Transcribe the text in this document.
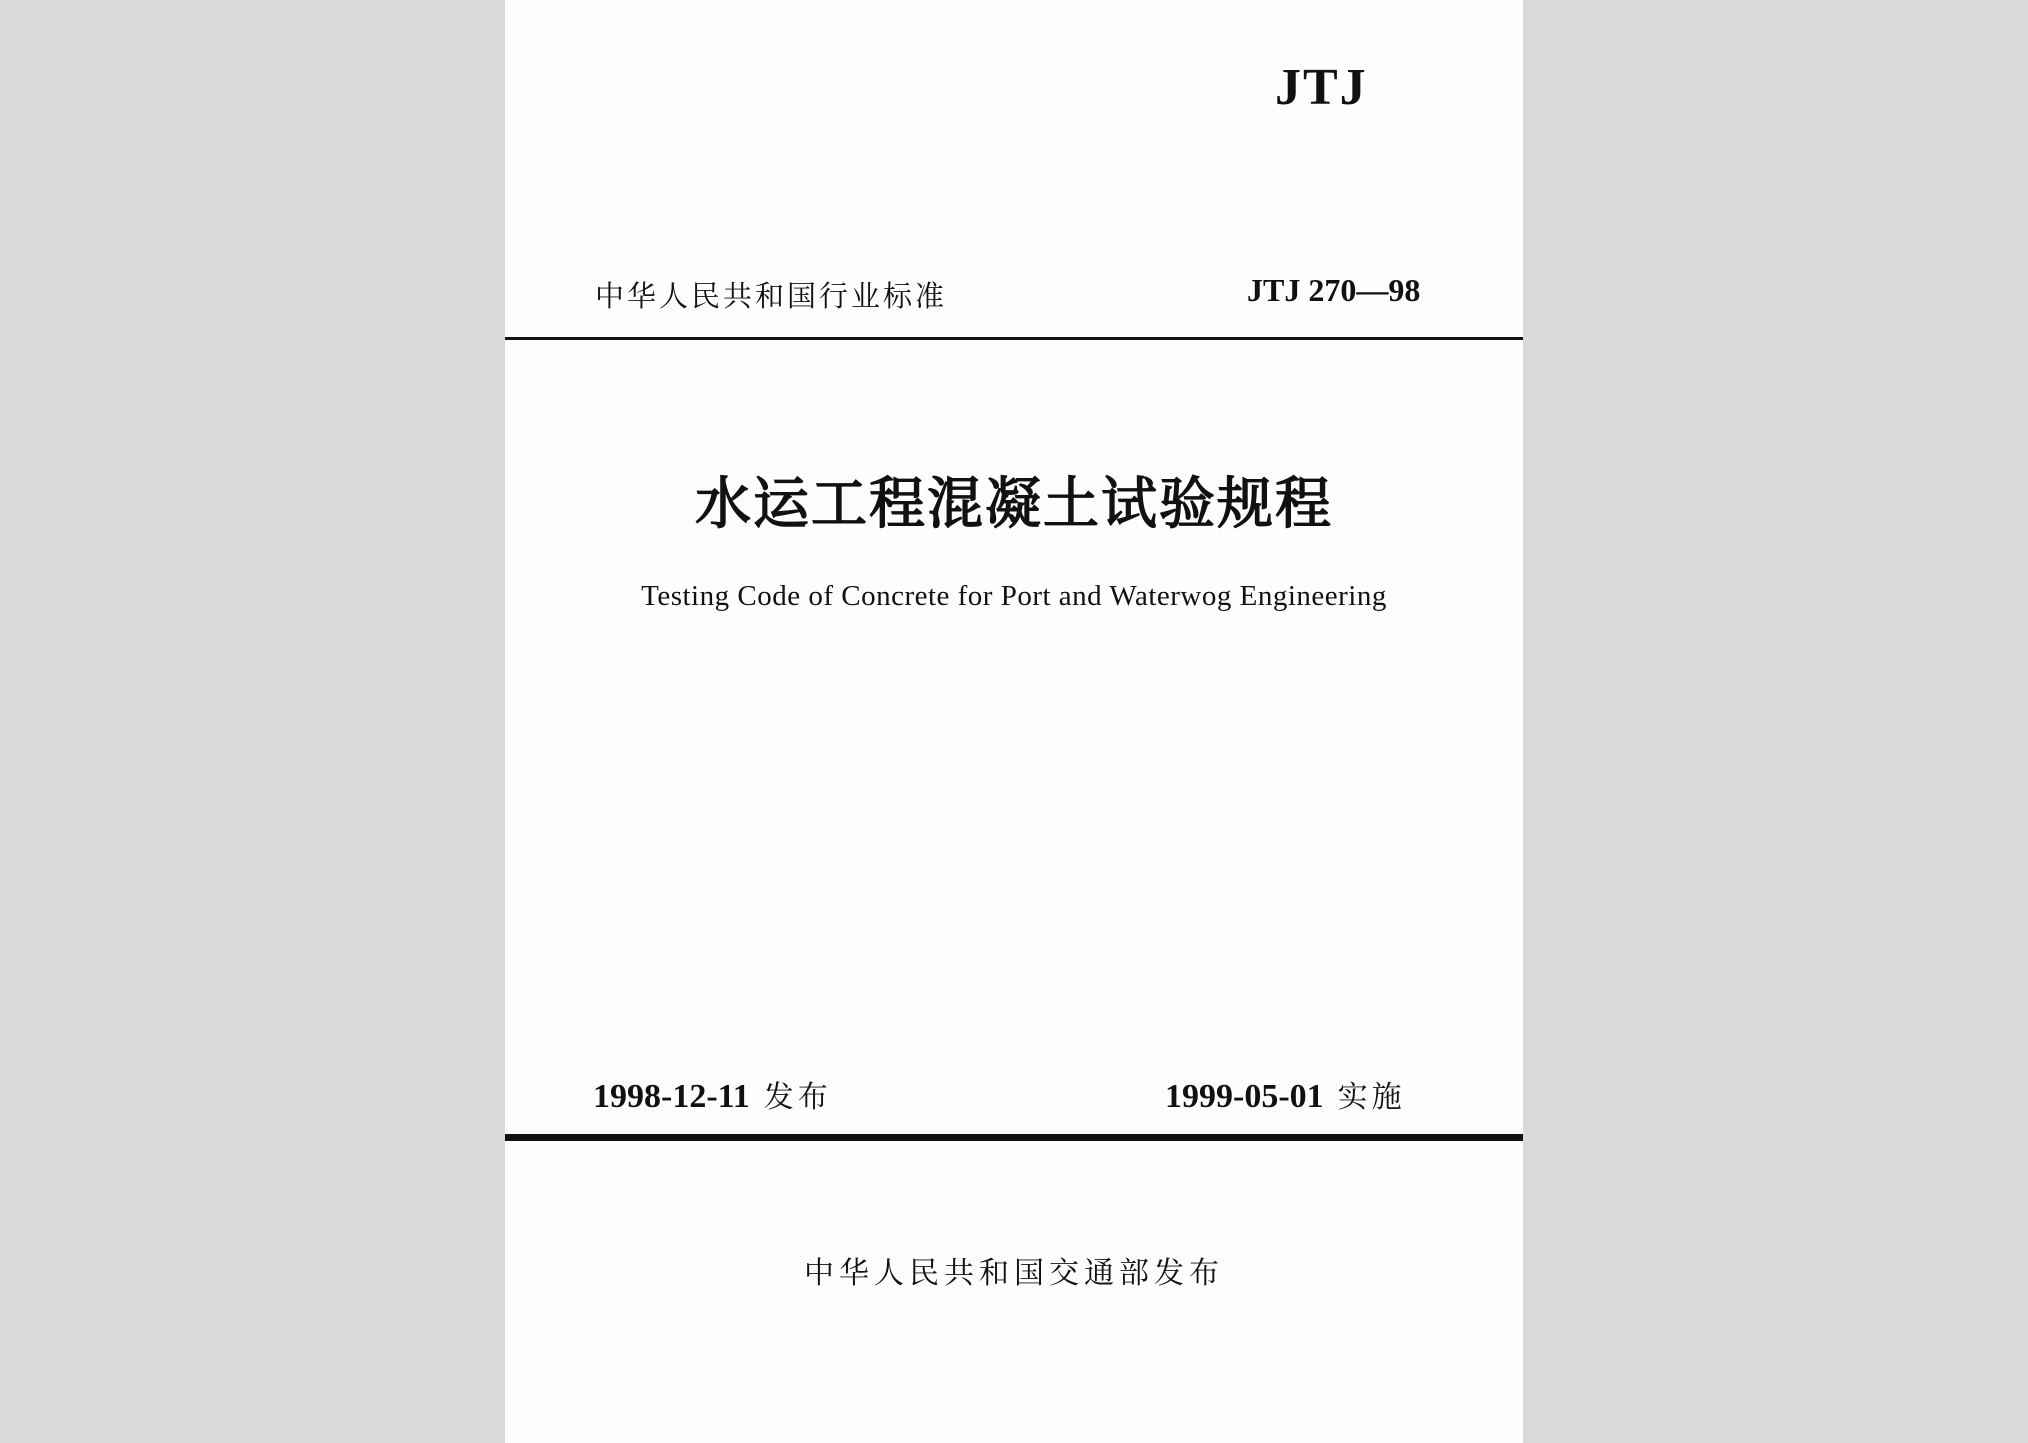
JTJ
中华人民共和国行业标准	JTJ 270—98
水运工程混凝土试验规程
Testing Code of Concrete for Port and Waterwog Engineering
1998-12-11 发布	1999-05-01 实施
中华人民共和国交通部发布
